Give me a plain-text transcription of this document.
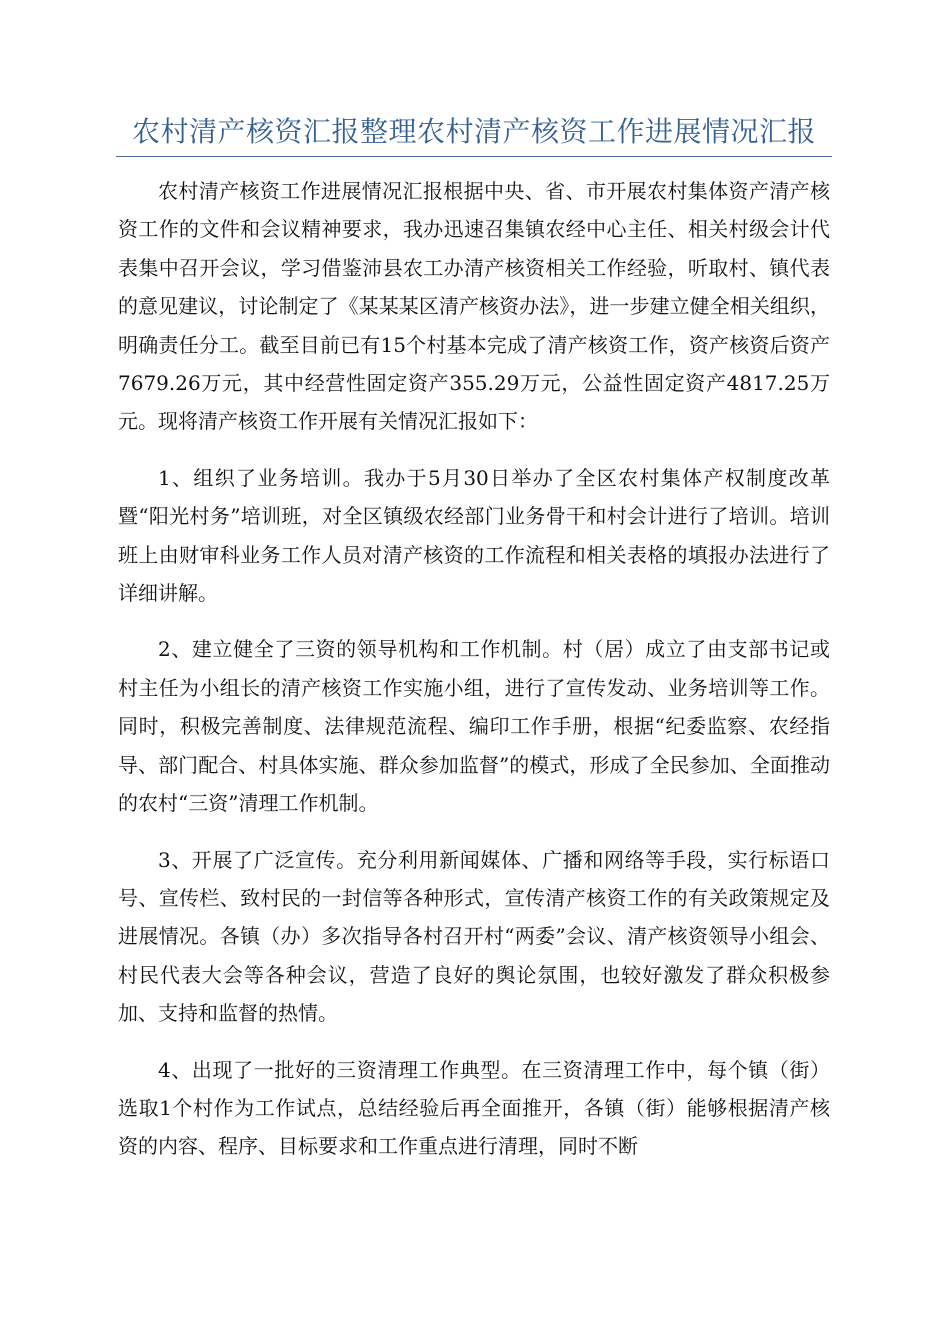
农村清产核资汇报整理农村清产核资工作进展情况汇报

农村清产核资工作进展情况汇报根据中央、省、市开展农村集体资产清产核资工作的文件和会议精神要求，我办迅速召集镇农经中心主任、相关村级会计代表集中召开会议，学习借鉴沛县农工办清产核资相关工作经验，听取村、镇代表的意见建议，讨论制定了《某某某区清产核资办法》，进一步建立健全相关组织，明确责任分工。截至目前已有15个村基本完成了清产核资工作，资产核资后资产7679.26万元，其中经营性固定资产355.29万元，公益性固定资产4817.25万元。现将清产核资工作开展有关情况汇报如下：

1、组织了业务培训。我办于5月30日举办了全区农村集体产权制度改革暨“阳光村务”培训班，对全区镇级农经部门业务骨干和村会计进行了培训。培训班上由财审科业务工作人员对清产核资的工作流程和相关表格的填报办法进行了详细讲解。

2、建立健全了三资的领导机构和工作机制。村（居）成立了由支部书记或村主任为小组长的清产核资工作实施小组，进行了宣传发动、业务培训等工作。同时，积极完善制度、法律规范流程、编印工作手册，根据“纪委监察、农经指导、部门配合、村具体实施、群众参加监督”的模式，形成了全民参加、全面推动的农村“三资”清理工作机制。

3、开展了广泛宣传。充分利用新闻媒体、广播和网络等手段，实行标语口号、宣传栏、致村民的一封信等各种形式，宣传清产核资工作的有关政策规定及进展情况。各镇（办）多次指导各村召开村“两委”会议、清产核资领导小组会、村民代表大会等各种会议，营造了良好的舆论氛围，也较好激发了群众积极参加、支持和监督的热情。

4、出现了一批好的三资清理工作典型。在三资清理工作中，每个镇（街）选取1个村作为工作试点，总结经验后再全面推开，各镇（街）能够根据清产核资的内容、程序、目标要求和工作重点进行清理，同时不断
